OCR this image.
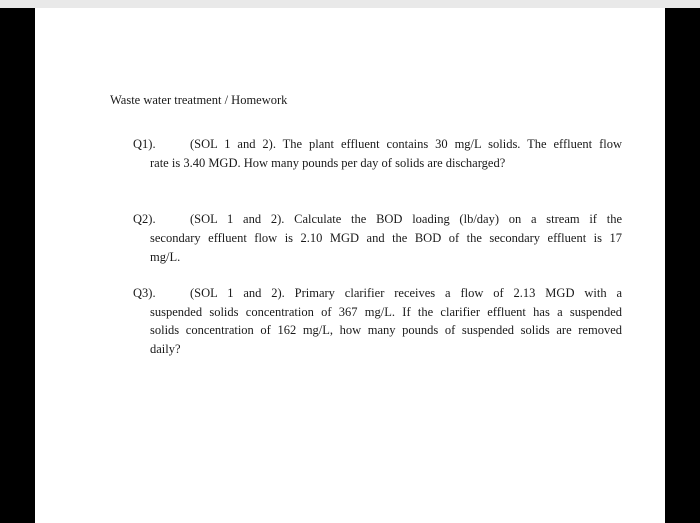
Waste water treatment / Homework
Q1).	(SOL 1 and 2). The plant effluent contains 30 mg/L solids. The effluent flow
rate is 3.40 MGD. How many pounds per day of solids are discharged?
Q2).	(SOL 1 and 2). Calculate the BOD loading (lb/day) on a stream if the
secondary effluent flow is 2.10 MGD and the BOD of the secondary effluent is 17
mg/L.
Q3).	(SOL 1 and 2). Primary clarifier receives a flow of 2.13 MGD with a
suspended solids concentration of 367 mg/L. If the clarifier effluent has a suspended
solids concentration of 162 mg/L, how many pounds of suspended solids are removed
daily?
